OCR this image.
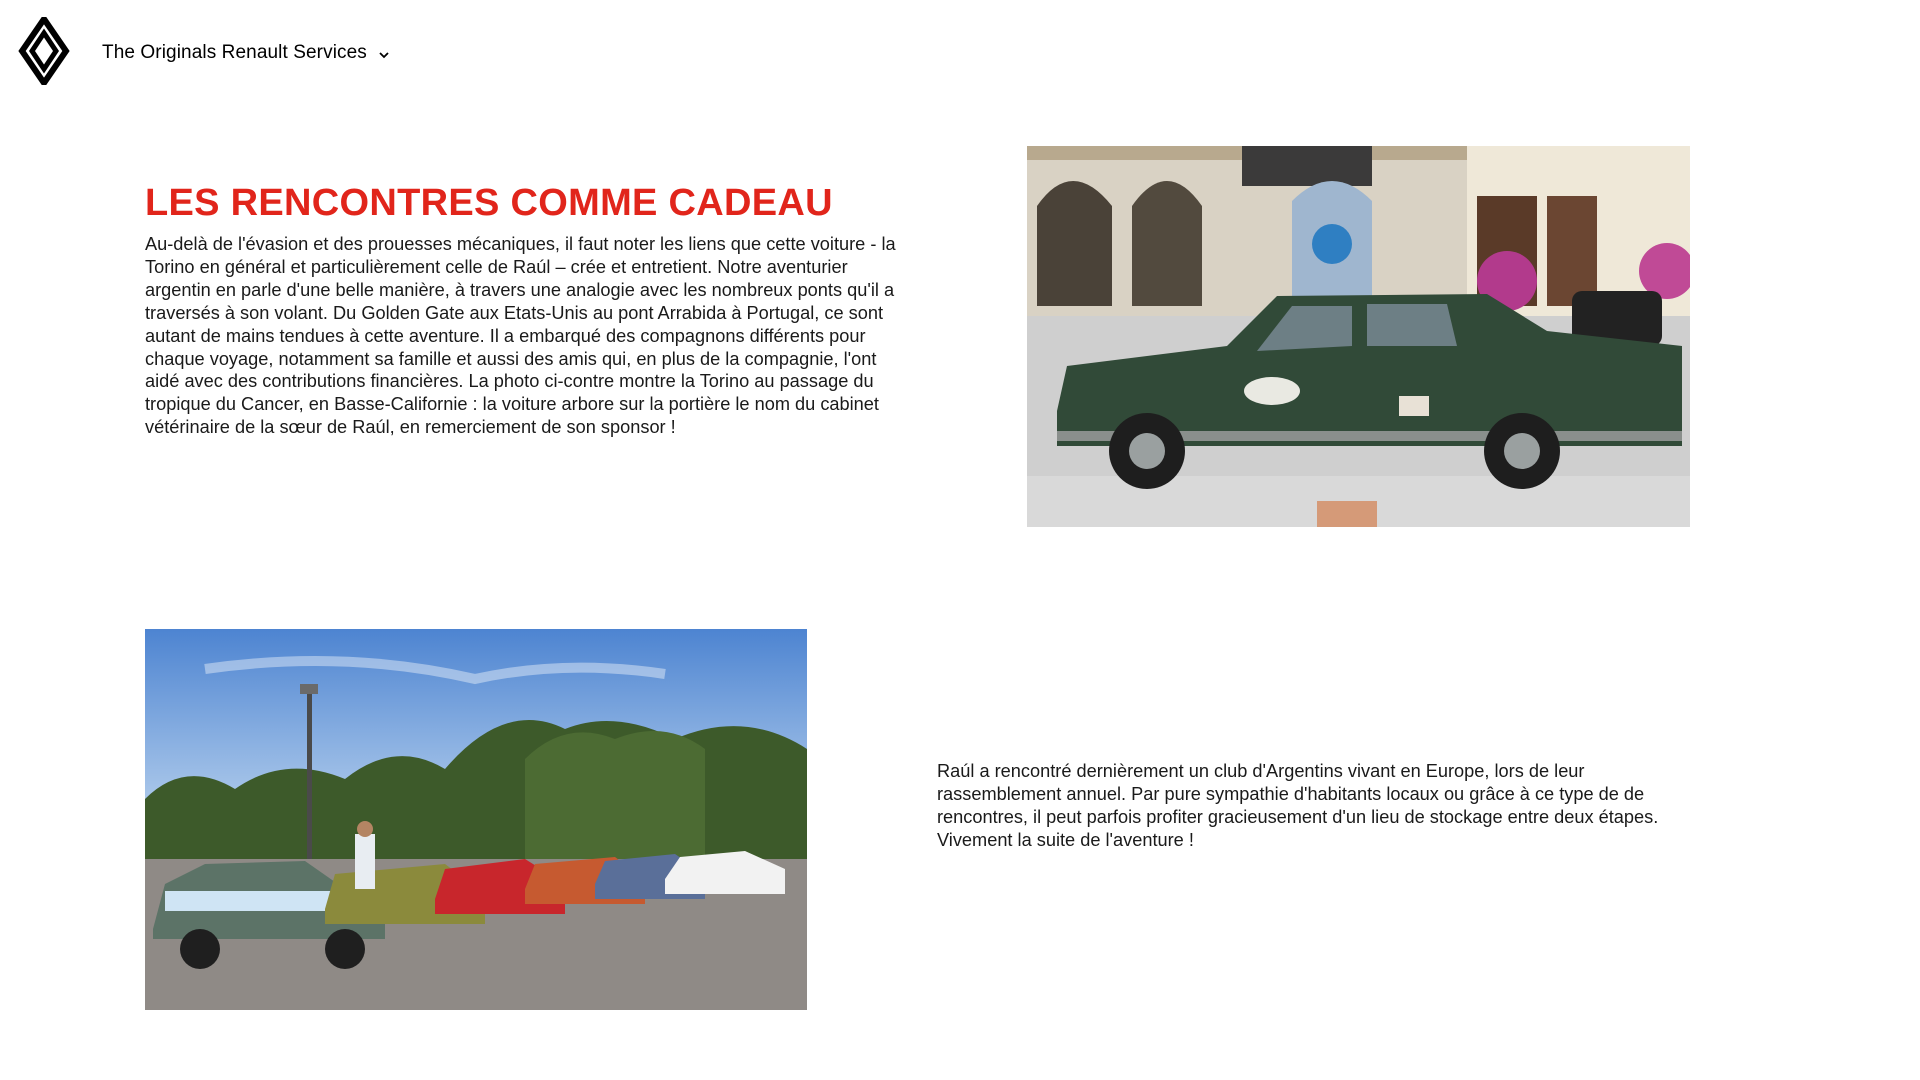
The Originals Renault Services
LES RENCONTRES COMME CADEAU

Au-delà de l'évasion et des prouesses mécaniques, il faut noter les liens que cette voiture - la Torino en général et particulièrement celle de Raúl – crée et entretient. Notre aventurier argentin en parle d'une belle manière, à travers une analogie avec les nombreux ponts qu'il a traversés à son volant. Du Golden Gate aux Etats-Unis au pont Arrabida à Portugal, ce sont autant de mains tendues à cette aventure. Il a embarqué des compagnons différents pour chaque voyage, notamment sa famille et aussi des amis qui, en plus de la compagnie, l'ont aidé avec des contributions financières. La photo ci-contre montre la Torino au passage du tropique du Cancer, en Basse-Californie : la voiture arbore sur la portière le nom du cabinet vétérinaire de la sœur de Raúl, en remerciement de son sponsor !

Raúl a rencontré dernièrement un club d'Argentins vivant en Europe, lors de leur rassemblement annuel. Par pure sympathie d'habitants locaux ou grâce à ce type de de rencontres, il peut parfois profiter gracieusement d'un lieu de stockage entre deux étapes. Vivement la suite de l'aventure !
